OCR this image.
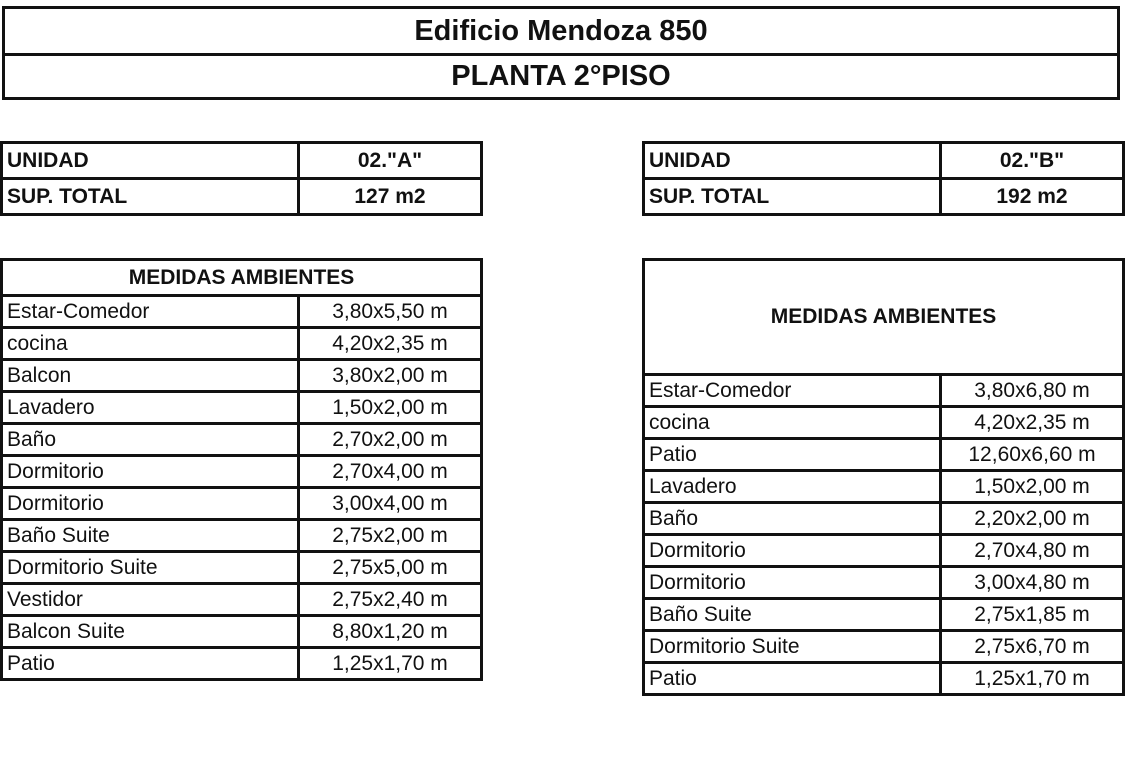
Edificio Mendoza 850
PLANTA 2°PISO
UNIDAD	02."A"
SUP. TOTAL	127 m2
UNIDAD	02."B"
SUP. TOTAL	192 m2
MEDIDAS AMBIENTES	
Estar-Comedor	3,80x5,50 m
cocina	4,20x2,35 m
Balcon	3,80x2,00 m
Lavadero	1,50x2,00 m
Baño	2,70x2,00 m
Dormitorio	2,70x4,00 m
Dormitorio	3,00x4,00 m
Baño Suite	2,75x2,00 m
Dormitorio Suite	2,75x5,00 m
Vestidor	2,75x2,40 m
Balcon Suite	8,80x1,20 m
Patio	1,25x1,70 m
MEDIDAS AMBIENTES	
Estar-Comedor	3,80x6,80 m
cocina	4,20x2,35 m
Patio	12,60x6,60 m
Lavadero	1,50x2,00 m
Baño	2,20x2,00 m
Dormitorio	2,70x4,80 m
Dormitorio	3,00x4,80 m
Baño Suite	2,75x1,85 m
Dormitorio Suite	2,75x6,70 m
Patio	1,25x1,70 m
